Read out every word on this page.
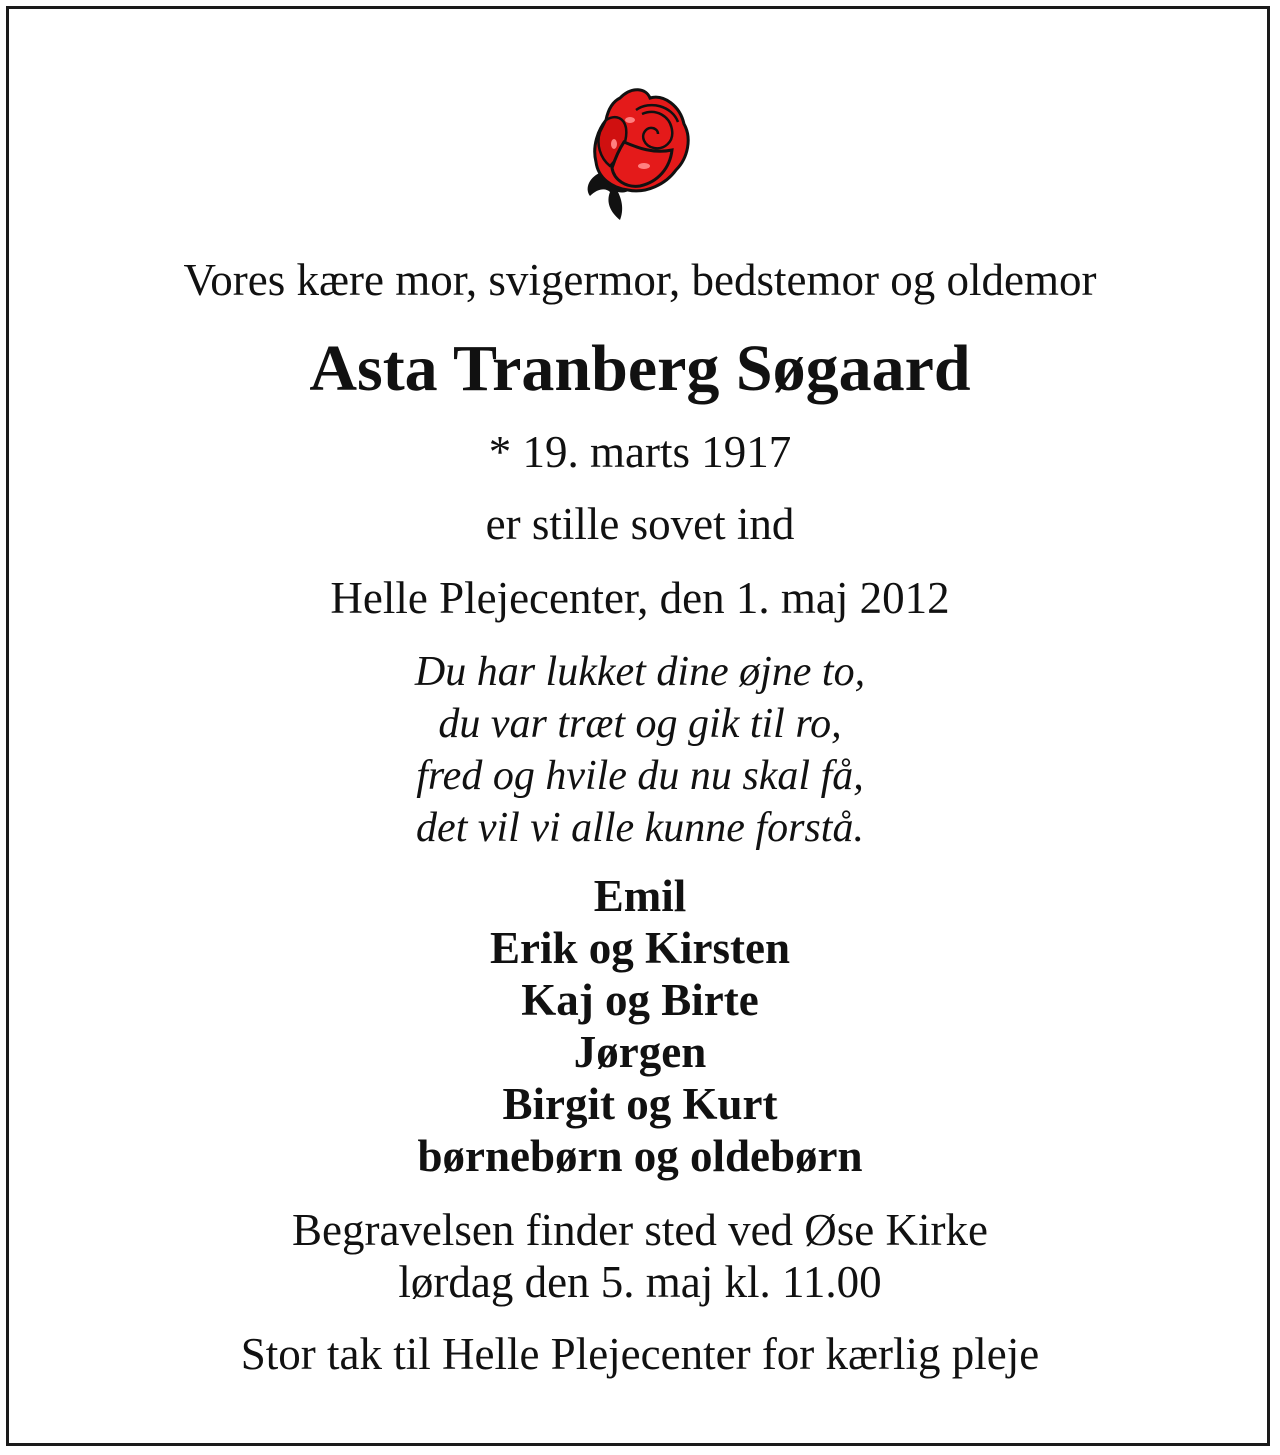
Vores kære mor, svigermor, bedstemor og oldemor
Asta Tranberg Søgaard
* 19. marts 1917
er stille sovet ind
Helle Plejecenter, den 1. maj 2012
Du har lukket dine øjne to,
du var træt og gik til ro,
fred og hvile du nu skal få,
det vil vi alle kunne forstå.
Emil
Erik og Kirsten
Kaj og Birte
Jørgen
Birgit og Kurt
børnebørn og oldebørn
Begravelsen finder sted ved Øse Kirke
lørdag den 5. maj kl. 11.00
Stor tak til Helle Plejecenter for kærlig pleje
